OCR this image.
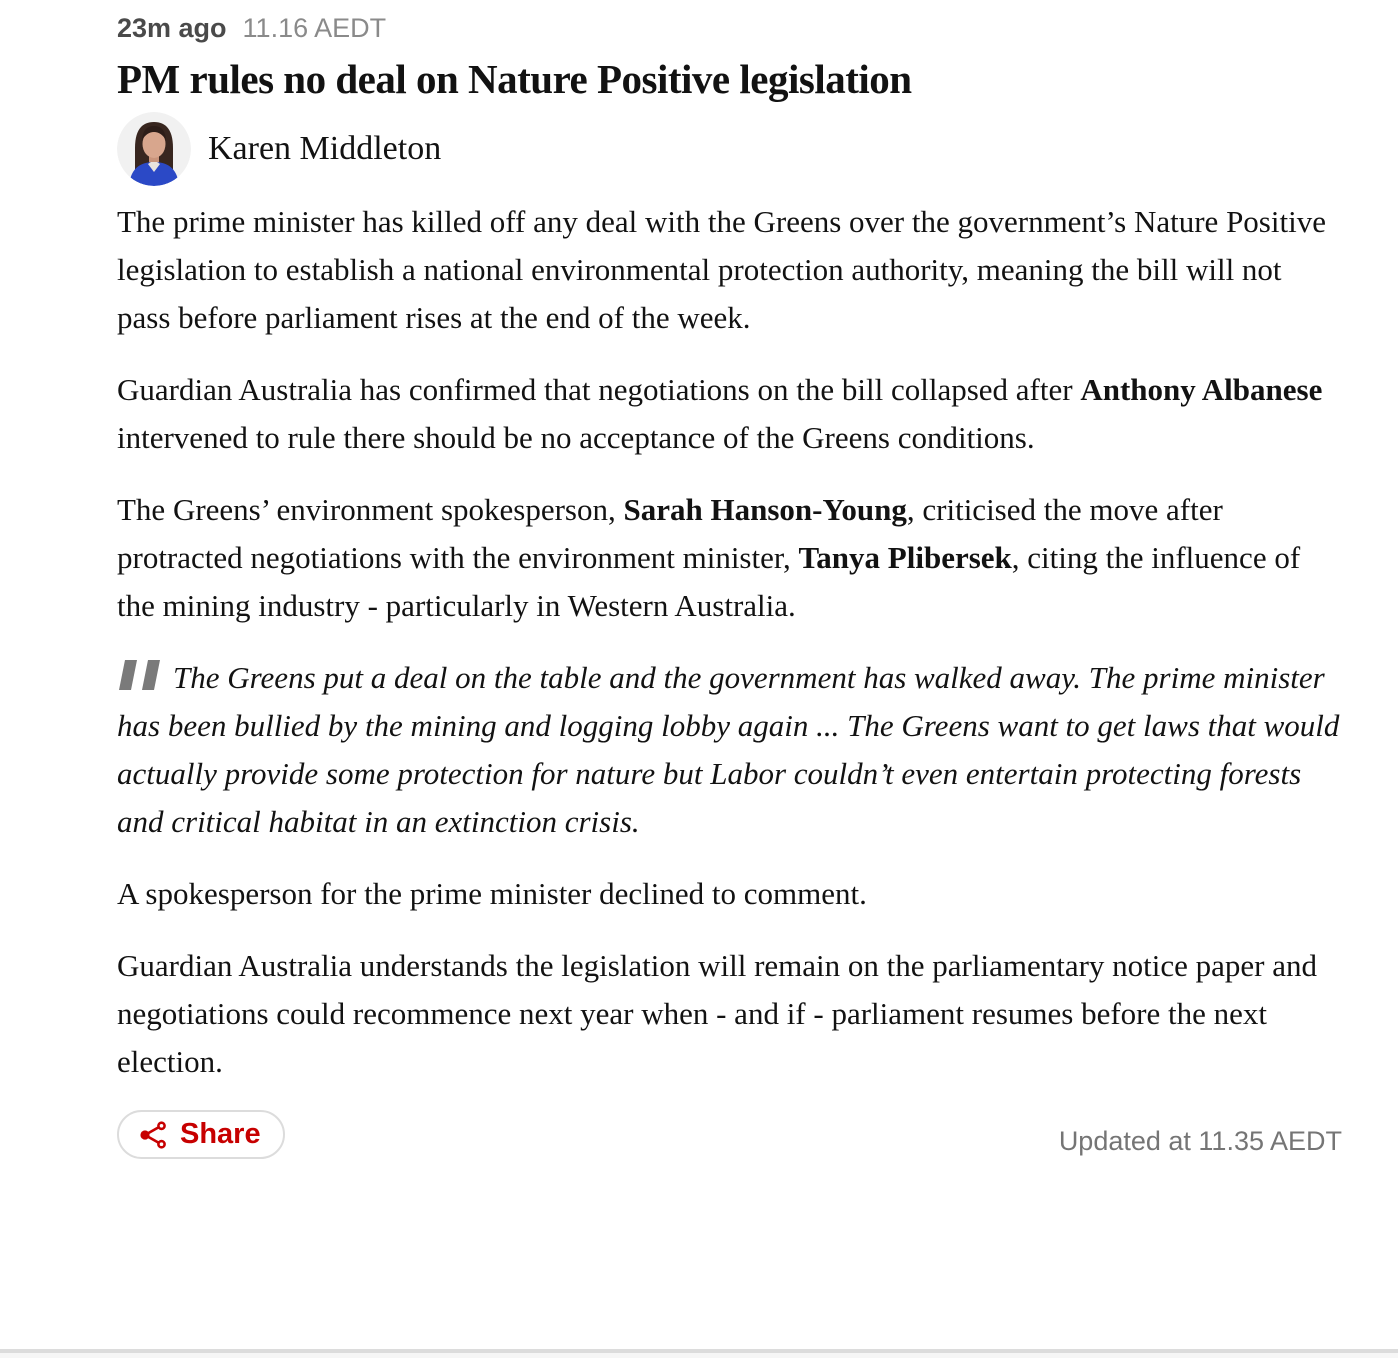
23m ago 11.16 AEDT
PM rules no deal on Nature Positive legislation
Karen Middleton

The prime minister has killed off any deal with the Greens over the government’s Nature Positive legislation to establish a national environmental protection authority, meaning the bill will not pass before parliament rises at the end of the week.

Guardian Australia has confirmed that negotiations on the bill collapsed after Anthony Albanese intervened to rule there should be no acceptance of the Greens conditions.

The Greens’ environment spokesperson, Sarah Hanson-Young, criticised the move after protracted negotiations with the environment minister, Tanya Plibersek, citing the influence of the mining industry - particularly in Western Australia.

The Greens put a deal on the table and the government has walked away. The prime minister has been bullied by the mining and logging lobby again ... The Greens want to get laws that would actually provide some protection for nature but Labor couldn’t even entertain protecting forests and critical habitat in an extinction crisis.

A spokesperson for the prime minister declined to comment.

Guardian Australia understands the legislation will remain on the parliamentary notice paper and negotiations could recommence next year when - and if - parliament resumes before the next election.

Share	Updated at 11.35 AEDT
